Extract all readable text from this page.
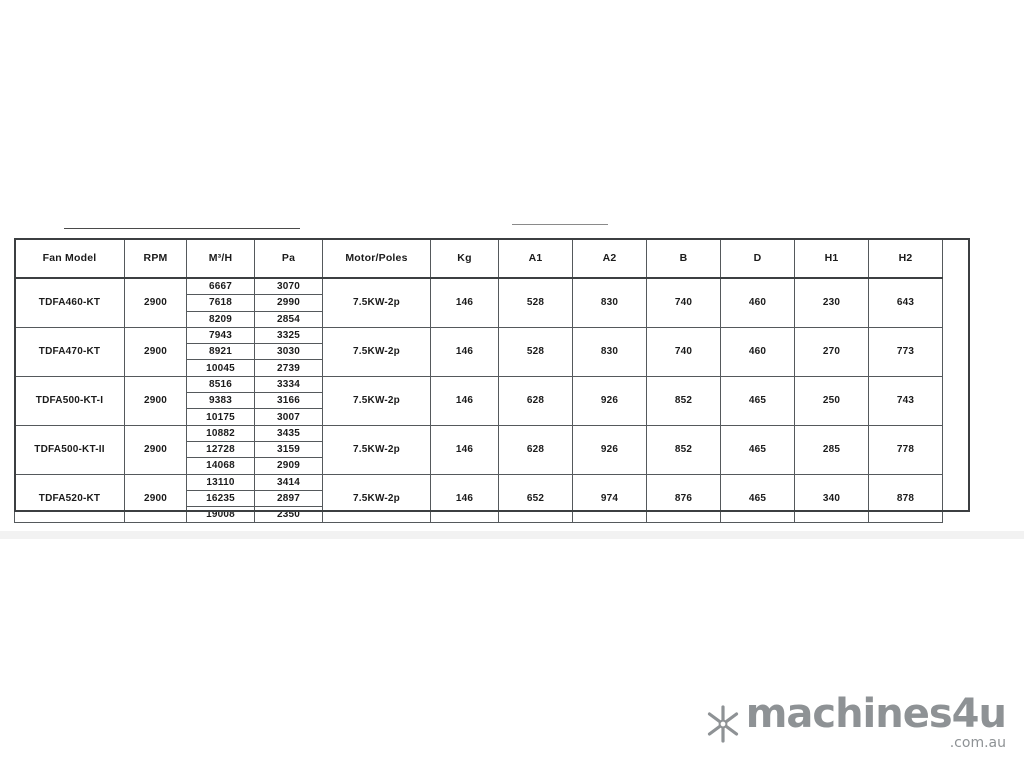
Fan Model	RPM	M³/H	Pa	Motor/Poles	Kg	A1	A2	B	D	H1	H2
TDFA460-KT	2900	6667	3070	7.5KW-2p	146	528	830	740	460	230	643
		7618	2990								
		8209	2854								
TDFA470-KT	2900	7943	3325	7.5KW-2p	146	528	830	740	460	270	773
		8921	3030								
		10045	2739								
TDFA500-KT-I	2900	8516	3334	7.5KW-2p	146	628	926	852	465	250	743
		9383	3166								
		10175	3007								
TDFA500-KT-II	2900	10882	3435	7.5KW-2p	146	628	926	852	465	285	778
		12728	3159								
		14068	2909								
TDFA520-KT	2900	13110	3414	7.5KW-2p	146	652	974	876	465	340	878
		16235	2897								
		19008	2350								
machines4u
.com.au
